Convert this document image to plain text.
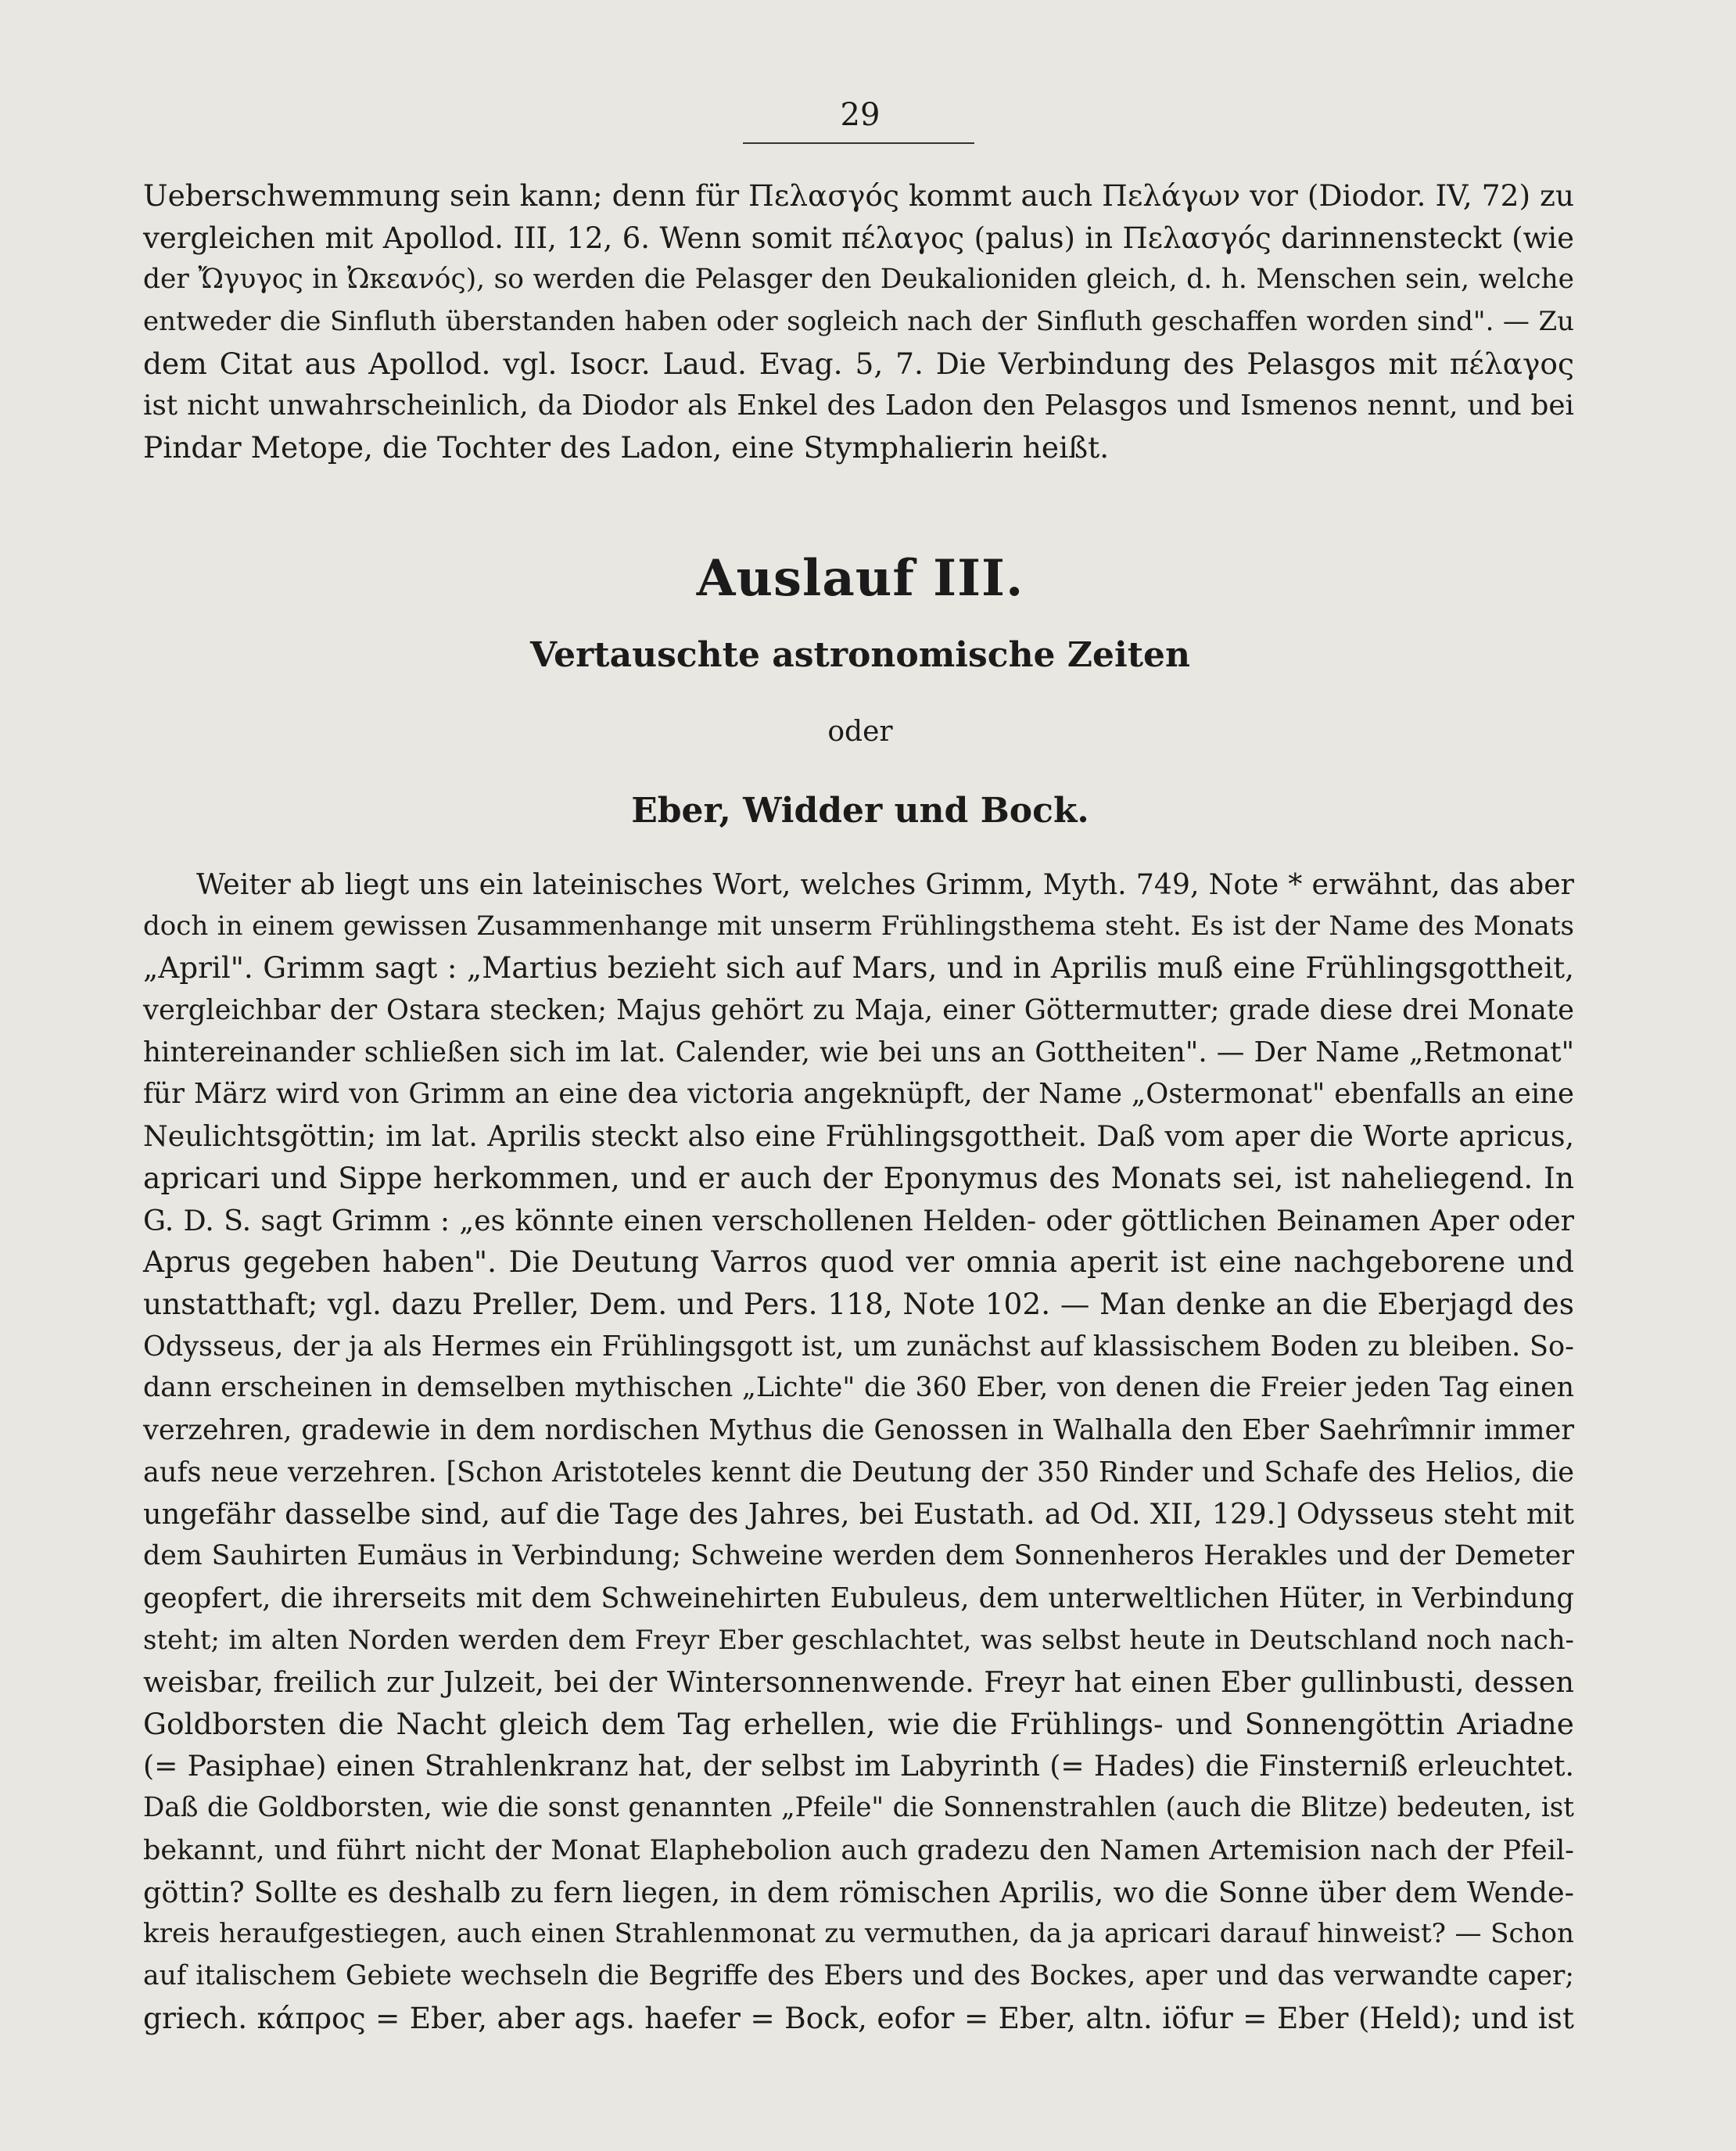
29
Ueberschwemmung sein kann; denn für Πελασγός kommt auch Πελάγων vor (Diodor. IV, 72) zu
vergleichen mit Apollod. III, 12, 6. Wenn somit πέλαγος (palus) in Πελασγός darinnensteckt (wie
der Ὤγυγος in Ὠκεανός), so werden die Pelasger den Deukalioniden gleich, d. h. Menschen sein, welche
entweder die Sinfluth überstanden haben oder sogleich nach der Sinfluth geschaffen worden sind". — Zu
dem Citat aus Apollod. vgl. Isocr. Laud. Evag. 5, 7. Die Verbindung des Pelasgos mit πέλαγος
ist nicht unwahrscheinlich, da Diodor als Enkel des Ladon den Pelasgos und Ismenos nennt, und bei
Pindar Metope, die Tochter des Ladon, eine Stymphalierin heißt.
Auslauf III.
Vertauschte astronomische Zeiten
oder
Eber, Widder und Bock.
Weiter ab liegt uns ein lateinisches Wort, welches Grimm, Myth. 749, Note * erwähnt, das aber
doch in einem gewissen Zusammenhange mit unserm Frühlingsthema steht. Es ist der Name des Monats
„April". Grimm sagt : „Martius bezieht sich auf Mars, und in Aprilis muß eine Frühlingsgottheit,
vergleichbar der Ostara stecken; Majus gehört zu Maja, einer Göttermutter; grade diese drei Monate
hintereinander schließen sich im lat. Calender, wie bei uns an Gottheiten". — Der Name „Retmonat"
für März wird von Grimm an eine dea victoria angeknüpft, der Name „Ostermonat" ebenfalls an eine
Neulichtsgöttin; im lat. Aprilis steckt also eine Frühlingsgottheit. Daß vom aper die Worte apricus,
apricari und Sippe herkommen, und er auch der Eponymus des Monats sei, ist naheliegend. In
G. D. S. sagt Grimm : „es könnte einen verschollenen Helden- oder göttlichen Beinamen Aper oder
Aprus gegeben haben". Die Deutung Varros quod ver omnia aperit ist eine nachgeborene und
unstatthaft; vgl. dazu Preller, Dem. und Pers. 118, Note 102. — Man denke an die Eberjagd des
Odysseus, der ja als Hermes ein Frühlingsgott ist, um zunächst auf klassischem Boden zu bleiben. So-
dann erscheinen in demselben mythischen „Lichte" die 360 Eber, von denen die Freier jeden Tag einen
verzehren, gradewie in dem nordischen Mythus die Genossen in Walhalla den Eber Saehrîmnir immer
aufs neue verzehren. [Schon Aristoteles kennt die Deutung der 350 Rinder und Schafe des Helios, die
ungefähr dasselbe sind, auf die Tage des Jahres, bei Eustath. ad Od. XII, 129.] Odysseus steht mit
dem Sauhirten Eumäus in Verbindung; Schweine werden dem Sonnenheros Herakles und der Demeter
geopfert, die ihrerseits mit dem Schweinehirten Eubuleus, dem unterweltlichen Hüter, in Verbindung
steht; im alten Norden werden dem Freyr Eber geschlachtet, was selbst heute in Deutschland noch nach-
weisbar, freilich zur Julzeit, bei der Wintersonnenwende. Freyr hat einen Eber gullinbusti, dessen
Goldborsten die Nacht gleich dem Tag erhellen, wie die Frühlings- und Sonnengöttin Ariadne
(= Pasiphae) einen Strahlenkranz hat, der selbst im Labyrinth (= Hades) die Finsterniß erleuchtet.
Daß die Goldborsten, wie die sonst genannten „Pfeile" die Sonnenstrahlen (auch die Blitze) bedeuten, ist
bekannt, und führt nicht der Monat Elaphebolion auch gradezu den Namen Artemision nach der Pfeil-
göttin? Sollte es deshalb zu fern liegen, in dem römischen Aprilis, wo die Sonne über dem Wende-
kreis heraufgestiegen, auch einen Strahlenmonat zu vermuthen, da ja apricari darauf hinweist? — Schon
auf italischem Gebiete wechseln die Begriffe des Ebers und des Bockes, aper und das verwandte caper;
griech. κάπρος = Eber, aber ags. haefer = Bock, eofor = Eber, altn. iöfur = Eber (Held); und ist
